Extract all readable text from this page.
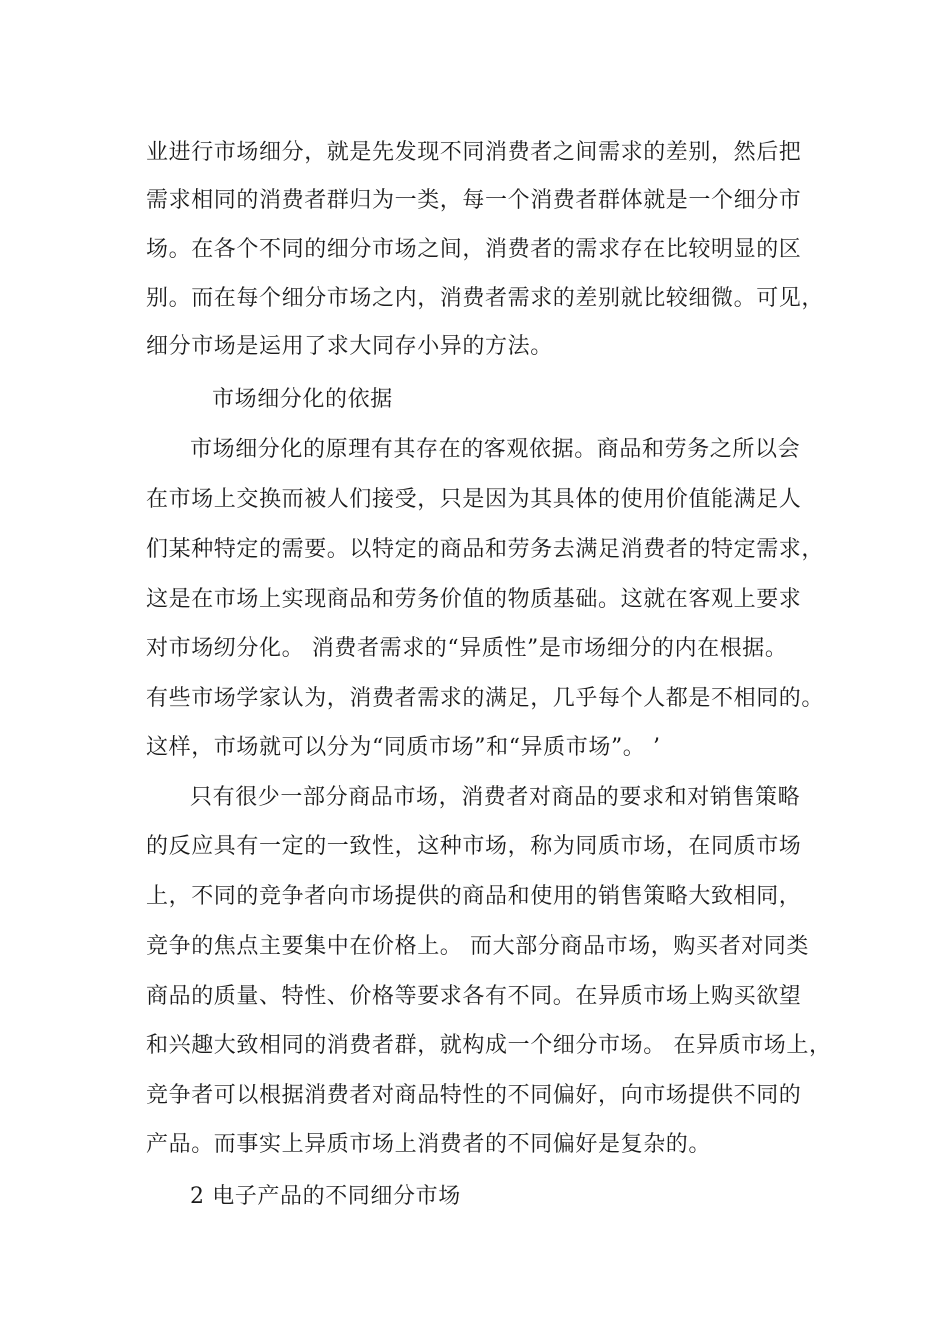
业进行市场细分，就是先发现不同消费者之间需求的差别，然后把
需求相同的消费者群归为一类，每一个消费者群体就是一个细分市
场。在各个不同的细分市场之间，消费者的需求存在比较明显的区
别。而在每个细分市场之内，消费者需求的差别就比较细微。可见，
细分市场是运用了求大同存小异的方法。
市场细分化的依据
市场细分化的原理有其存在的客观依据。商品和劳务之所以会
在市场上交换而被人们接受，只是因为其具体的使用价值能满足人
们某种特定的需要。以特定的商品和劳务去满足消费者的特定需求，
这是在市场上实现商品和劳务价值的物质基础。这就在客观上要求
对市场纫分化。 消费者需求的“异质性”是市场细分的内在根据。
有些市场学家认为，消费者需求的满足，几乎每个人都是不相同的。
这样，市场就可以分为“同质市场”和“异质市场”。 ’
只有很少一部分商品市场，消费者对商品的要求和对销售策略
的反应具有一定的一致性，这种市场，称为同质市场，在同质市场
上，不同的竞争者向市场提供的商品和使用的销售策略大致相同，
竞争的焦点主要集中在价格上。 而大部分商品市场，购买者对同类
商品的质量、特性、价格等要求各有不同。在异质市场上购买欲望
和兴趣大致相同的消费者群，就构成一个细分市场。 在异质市场上，
竞争者可以根据消费者对商品特性的不同偏好，向市场提供不同的
产品。而事实上异质市场上消费者的不同偏好是复杂的。
2 电子产品的不同细分市场
